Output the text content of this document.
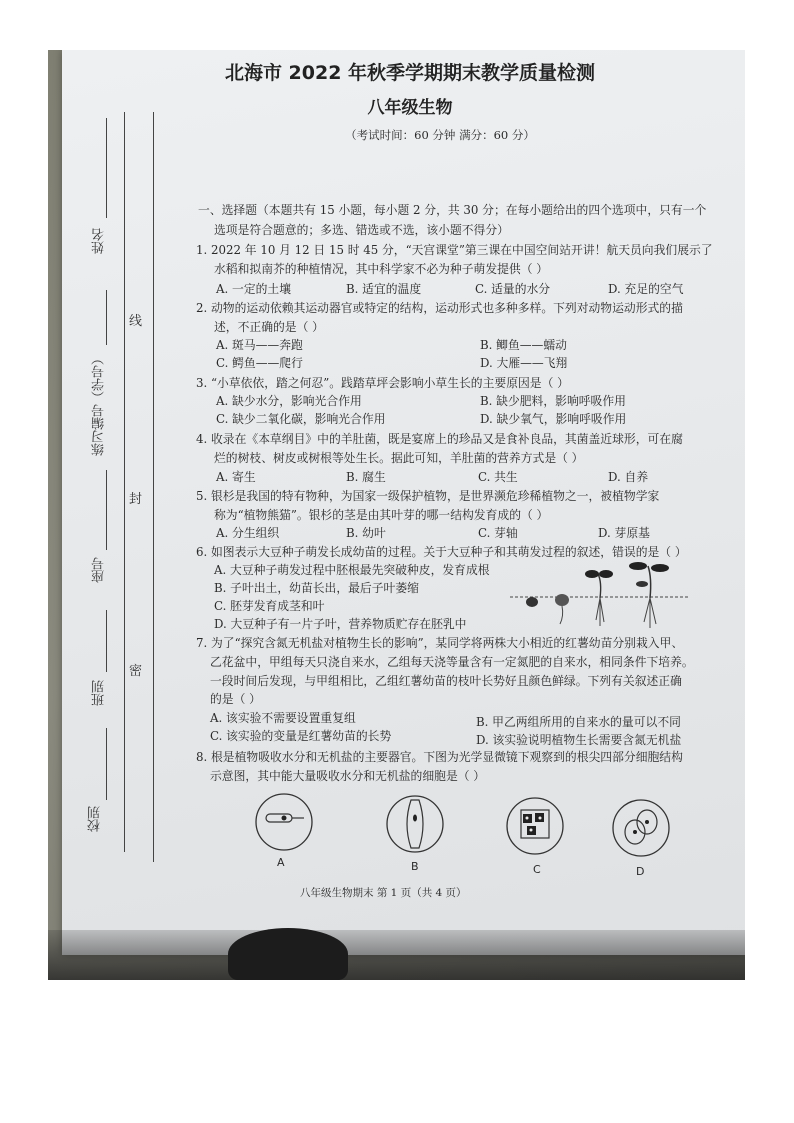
姓名
练习编号（学号）
座号
班别
校别
线
封
密
北海市 2022 年秋季学期期末教学质量检测
八年级生物
（考试时间：60 分钟 满分：60 分）
一、选择题（本题共有 15 小题，每小题 2 分，共 30 分；在每小题给出的四个选项中，只有一个
选项是符合题意的；多选、错选或不选，该小题不得分）
1. 2022 年 10 月 12 日 15 时 45 分，“天宫课堂”第三课在中国空间站开讲！航天员向我们展示了
水稻和拟南芥的种植情况，其中科学家不必为种子萌发提供（ ）
A. 一定的土壤	B. 适宜的温度	C. 适量的水分	D. 充足的空气
2. 动物的运动依赖其运动器官或特定的结构，运动形式也多种多样。下列对动物运动形式的描
述，不正确的是（ ）
A. 斑马——奔跑	B. 鲫鱼——蠕动
C. 鳄鱼——爬行	D. 大雁——飞翔
3. “小草依依，踏之何忍”。践踏草坪会影响小草生长的主要原因是（ ）
A. 缺少水分，影响光合作用	B. 缺少肥料，影响呼吸作用
C. 缺少二氧化碳，影响光合作用	D. 缺少氧气，影响呼吸作用
4. 收录在《本草纲目》中的羊肚菌，既是宴席上的珍品又是食补良品，其菌盖近球形，可在腐
烂的树枝、树皮或树根等处生长。据此可知，羊肚菌的营养方式是（ ）
A. 寄生	B. 腐生	C. 共生	D. 自养
5. 银杉是我国的特有物种，为国家一级保护植物，是世界濒危珍稀植物之一，被植物学家
称为“植物熊猫”。银杉的茎是由其叶芽的哪一结构发育成的（ ）
A. 分生组织	B. 幼叶	C. 芽轴	D. 芽原基
6. 如图表示大豆种子萌发长成幼苗的过程。关于大豆种子和其萌发过程的叙述，错误的是（ ）
A. 大豆种子萌发过程中胚根最先突破种皮，发育成根
B. 子叶出土，幼苗长出，最后子叶萎缩
C. 胚芽发育成茎和叶
D. 大豆种子有一片子叶，营养物质贮存在胚乳中
7. 为了“探究含氮无机盐对植物生长的影响”，某同学将两株大小相近的红薯幼苗分别栽入甲、
乙花盆中，甲组每天只浇自来水，乙组每天浇等量含有一定氮肥的自来水，相同条件下培养。
一段时间后发现，与甲组相比，乙组红薯幼苗的枝叶长势好且颜色鲜绿。下列有关叙述正确
的是（ ）
A. 该实验不需要设置重复组	B. 甲乙两组所用的自来水的量可以不同
C. 该实验的变量是红薯幼苗的长势	D. 该实验说明植物生长需要含氮无机盐
8. 根是植物吸收水分和无机盐的主要器官。下图为光学显微镜下观察到的根尖四部分细胞结构
示意图，其中能大量吸收水分和无机盐的细胞是（ ）
A	B	C	D
八年级生物期末 第 1 页（共 4 页）
